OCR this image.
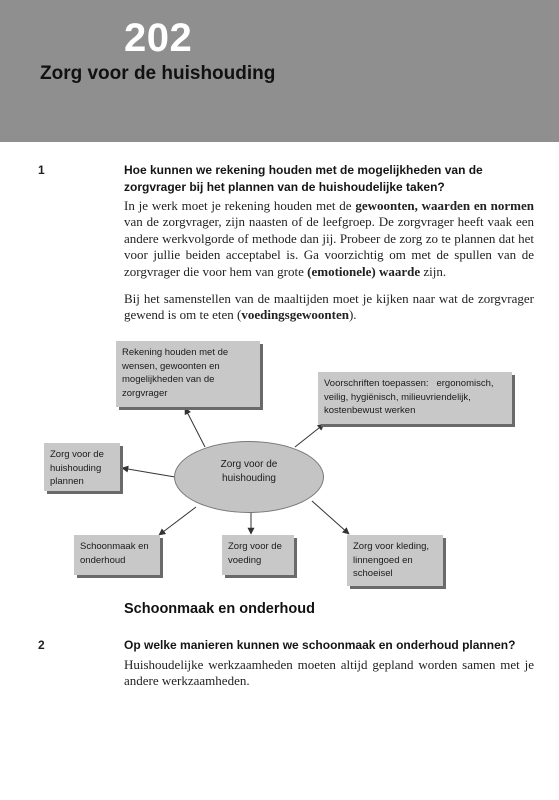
202
Zorg voor de huishouding
1	Hoe kunnen we rekening houden met de mogelijkheden van de
zorgvrager bij het plannen van de huishoudelijke taken?

In je werk moet je rekening houden met de gewoonten, waarden en normen van de zorgvrager, zijn naasten of de leefgroep. De zorgvrager heeft vaak een andere werkvolgorde of methode dan jij. Probeer de zorg zo te plannen dat het voor jullie beiden acceptabel is. Ga voorzichtig om met de spullen van de zorgvrager die voor hem van grote (emotionele) waarde zijn.

Bij het samenstellen van de maaltijden moet je kijken naar wat de zorgvrager gewend is om te eten (voedingsgewoonten).

Rekening houden met de
wensen, gewoonten en
mogelijkheden van de
zorgvrager
Voorschriften toepassen:   ergonomisch,
veilig, hygiënisch, milieuvriendelijk,
kostenbewust werken
Zorg voor de
huishouding
plannen
Zorg voor de
huishouding
Schoonmaak en
onderhoud
Zorg voor de
voeding
Zorg voor kleding,
linnengoed en
schoeisel
Schoonmaak en onderhoud
2	Op welke manieren kunnen we schoonmaak en onderhoud plannen?

Huishoudelijke werkzaamheden moeten altijd gepland worden samen met je andere werkzaamheden.
